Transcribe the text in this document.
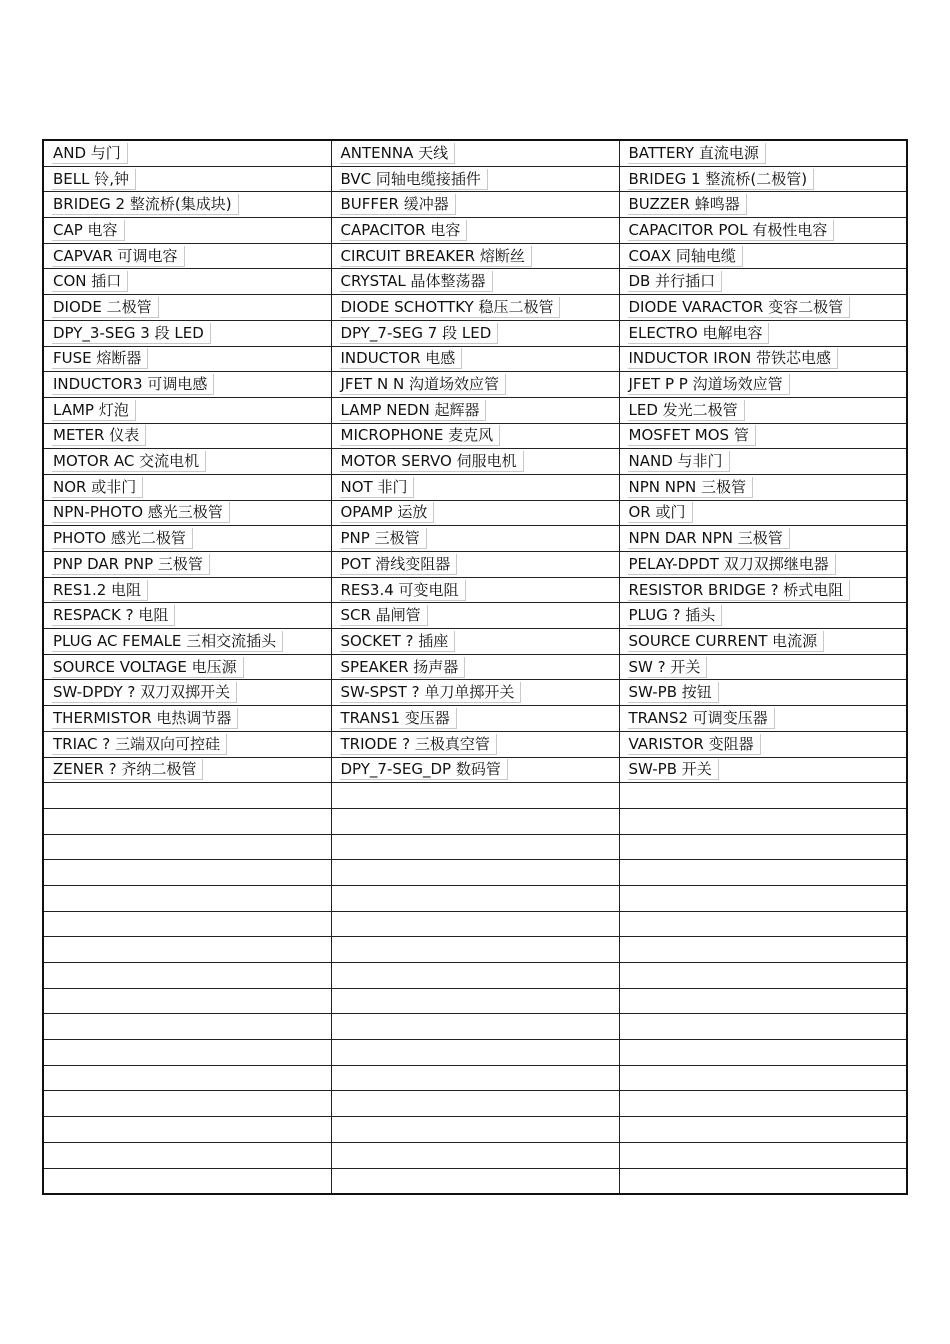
AND 与门	ANTENNA 天线	BATTERY 直流电源
BELL 铃,钟	BVC 同轴电缆接插件	BRIDEG 1 整流桥(二极管)
BRIDEG 2 整流桥(集成块)	BUFFER 缓冲器	BUZZER 蜂鸣器
CAP 电容	CAPACITOR 电容	CAPACITOR POL 有极性电容
CAPVAR 可调电容	CIRCUIT BREAKER 熔断丝	COAX 同轴电缆
CON 插口	CRYSTAL 晶体整荡器	DB 并行插口
DIODE 二极管	DIODE SCHOTTKY 稳压二极管	DIODE VARACTOR 变容二极管
DPY_3-SEG 3 段 LED	DPY_7-SEG 7 段 LED	ELECTRO 电解电容
FUSE 熔断器	INDUCTOR 电感	INDUCTOR IRON 带铁芯电感
INDUCTOR3 可调电感	JFET N N 沟道场效应管	JFET P P 沟道场效应管
LAMP 灯泡	LAMP NEDN 起辉器	LED 发光二极管
METER 仪表	MICROPHONE 麦克风	MOSFET MOS 管
MOTOR AC 交流电机	MOTOR SERVO 伺服电机	NAND 与非门
NOR 或非门	NOT 非门	NPN NPN 三极管
NPN-PHOTO 感光三极管	OPAMP 运放	OR 或门
PHOTO 感光二极管	PNP 三极管	NPN DAR NPN 三极管
PNP DAR PNP 三极管	POT 滑线变阻器	PELAY-DPDT 双刀双掷继电器
RES1.2 电阻	RES3.4 可变电阻	RESISTOR BRIDGE ? 桥式电阻
RESPACK ? 电阻	SCR 晶闸管	PLUG ? 插头
PLUG AC FEMALE 三相交流插头	SOCKET ? 插座	SOURCE CURRENT 电流源
SOURCE VOLTAGE 电压源	SPEAKER 扬声器	SW ? 开关
SW-DPDY ? 双刀双掷开关	SW-SPST ? 单刀单掷开关	SW-PB 按钮
THERMISTOR 电热调节器	TRANS1 变压器	TRANS2 可调变压器
TRIAC ? 三端双向可控硅	TRIODE ? 三极真空管	VARISTOR 变阻器
ZENER ? 齐纳二极管	DPY_7-SEG_DP 数码管	SW-PB 开关
